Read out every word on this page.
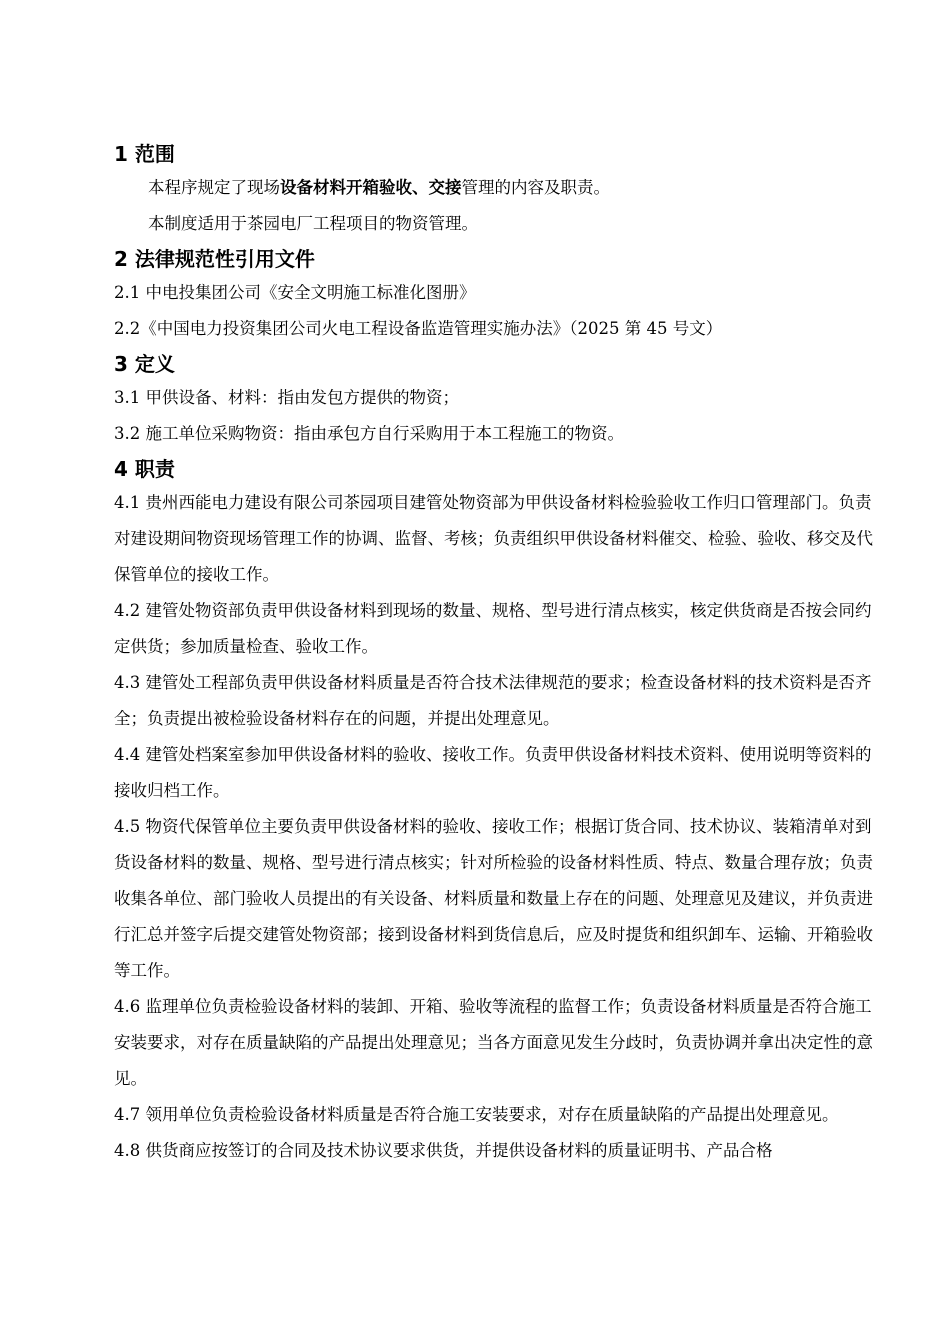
1 范围

本程序规定了现场设备材料开箱验收、交接管理的内容及职责。

本制度适用于茶园电厂工程项目的物资管理。

2 法律规范性引用文件

2.1 中电投集团公司《安全文明施工标准化图册》

2.2《中国电力投资集团公司火电工程设备监造管理实施办法》（2025 第 45 号文）

3 定义

3.1 甲供设备、材料：指由发包方提供的物资；

3.2 施工单位采购物资：指由承包方自行采购用于本工程施工的物资。

4 职责

4.1 贵州西能电力建设有限公司茶园项目建管处物资部为甲供设备材料检验验收工作归口管理部门。负责对建设期间物资现场管理工作的协调、监督、考核；负责组织甲供设备材料催交、检验、验收、移交及代保管单位的接收工作。

4.2 建管处物资部负责甲供设备材料到现场的数量、规格、型号进行清点核实，核定供货商是否按会同约定供货；参加质量检查、验收工作。

4.3 建管处工程部负责甲供设备材料质量是否符合技术法律规范的要求；检查设备材料的技术资料是否齐全；负责提出被检验设备材料存在的问题，并提出处理意见。

4.4 建管处档案室参加甲供设备材料的验收、接收工作。负责甲供设备材料技术资料、使用说明等资料的接收归档工作。

4.5 物资代保管单位主要负责甲供设备材料的验收、接收工作；根据订货合同、技术协议、装箱清单对到货设备材料的数量、规格、型号进行清点核实；针对所检验的设备材料性质、特点、数量合理存放；负责收集各单位、部门验收人员提出的有关设备、材料质量和数量上存在的问题、处理意见及建议，并负责进行汇总并签字后提交建管处物资部；接到设备材料到货信息后，应及时提货和组织卸车、运输、开箱验收等工作。

4.6 监理单位负责检验设备材料的装卸、开箱、验收等流程的监督工作；负责设备材料质量是否符合施工安装要求，对存在质量缺陷的产品提出处理意见；当各方面意见发生分歧时，负责协调并拿出决定性的意见。

4.7 领用单位负责检验设备材料质量是否符合施工安装要求，对存在质量缺陷的产品提出处理意见。

4.8 供货商应按签订的合同及技术协议要求供货，并提供设备材料的质量证明书、产品合格
